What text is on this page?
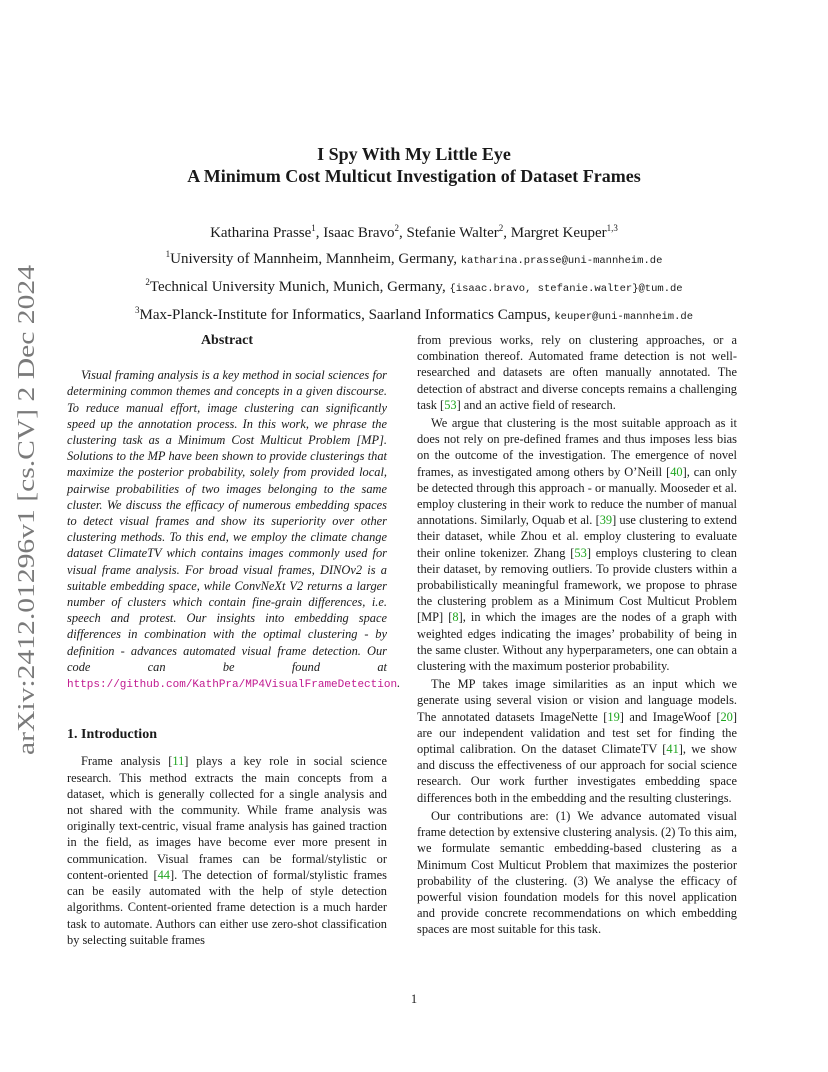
arXiv:2412.01296v1 [cs.CV] 2 Dec 2024
I Spy With My Little Eye
A Minimum Cost Multicut Investigation of Dataset Frames
Katharina Prasse$^1$, Isaac Bravo$^2$, Stefanie Walter$^2$, Margret Keuper$^{1,3}$
$^1$University of Mannheim, Mannheim, Germany, katharina.prasse@uni-mannheim.de
$^2$Technical University Munich, Munich, Germany, {isaac.bravo, stefanie.walter}@tum.de
$^3$Max-Planck-Institute for Informatics, Saarland Informatics Campus, keuper@uni-mannheim.de
Abstract

Visual framing analysis is a key method in social sciences for determining common themes and concepts in a given discourse. To reduce manual effort, image clustering can significantly speed up the annotation process. In this work, we phrase the clustering task as a Minimum Cost Multicut Problem [MP]. Solutions to the MP have been shown to provide clusterings that maximize the posterior probability, solely from provided local, pairwise probabilities of two images belonging to the same cluster. We discuss the efficacy of numerous embedding spaces to detect visual frames and show its superiority over other clustering methods. To this end, we employ the climate change dataset ClimateTV which contains images commonly used for visual frame analysis. For broad visual frames, DINOv2 is a suitable embedding space, while ConvNeXt V2 returns a larger number of clusters which contain fine-grain differences, i.e. speech and protest. Our insights into embedding space differences in combination with the optimal clustering - by definition - advances automated visual frame detection. Our code can be found at https://github.com/KathPra/MP4VisualFrameDetection.

1. Introduction

Frame analysis [11] plays a key role in social science research. This method extracts the main concepts from a dataset, which is generally collected for a single analysis and not shared with the community. While frame analysis was originally text-centric, visual frame analysis has gained traction in the field, as images have become ever more present in communication. Visual frames can be formal/stylistic or content-oriented [44]. The detection of formal/stylistic frames can be easily automated with the help of style detection algorithms. Content-oriented frame detection is a much harder task to automate. Authors can either use zero-shot classification by selecting suitable frames

from previous works, rely on clustering approaches, or a combination thereof. Automated frame detection is not well-researched and datasets are often manually annotated. The detection of abstract and diverse concepts remains a challenging task [53] and an active field of research.

We argue that clustering is the most suitable approach as it does not rely on pre-defined frames and thus imposes less bias on the outcome of the investigation. The emergence of novel frames, as investigated among others by O’Neill [40], can only be detected through this approach - or manually. Mooseder et al. employ clustering in their work to reduce the number of manual annotations. Similarly, Oquab et al. [39] use clustering to extend their dataset, while Zhou et al. employ clustering to evaluate their online tokenizer. Zhang [53] employs clustering to clean their dataset, by removing outliers. To provide clusters within a probabilistically meaningful framework, we propose to phrase the clustering problem as a Minimum Cost Multicut Problem [MP] [8], in which the images are the nodes of a graph with weighted edges indicating the images’ probability of being in the same cluster. Without any hyperparameters, one can obtain a clustering with the maximum posterior probability.

The MP takes image similarities as an input which we generate using several vision or vision and language models. The annotated datasets ImageNette [19] and ImageWoof [20] are our independent validation and test set for finding the optimal calibration. On the dataset ClimateTV [41], we show and discuss the effectiveness of our approach for social science research. Our work further investigates embedding space differences both in the embedding and the resulting clusterings.

Our contributions are: (1) We advance automated visual frame detection by extensive clustering analysis. (2) To this aim, we formulate semantic embedding-based clustering as a Minimum Cost Multicut Problem that maximizes the posterior probability of the clustering. (3) We analyse the efficacy of powerful vision foundation models for this novel application and provide concrete recommendations on which embedding spaces are most suitable for this task.

1
